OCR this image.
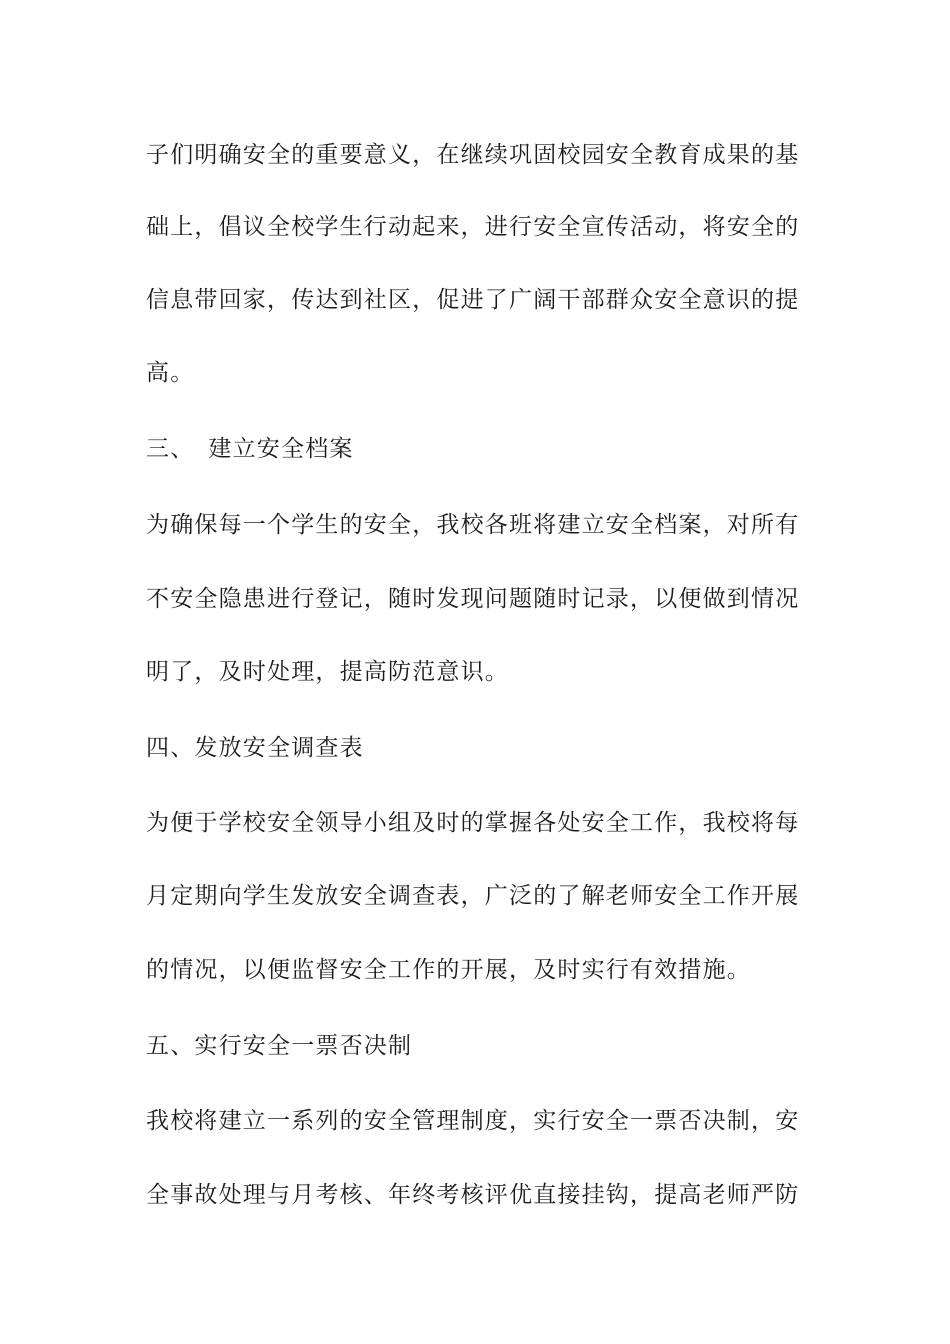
子们明确安全的重要意义，在继续巩固校园安全教育成果的基
础上，倡议全校学生行动起来，进行安全宣传活动，将安全的
信息带回家，传达到社区，促进了广阔干部群众安全意识的提
高。
三、 建立安全档案
为确保每一个学生的安全，我校各班将建立安全档案，对所有
不安全隐患进行登记，随时发现问题随时记录，以便做到情况
明了，及时处理，提高防范意识。
四、发放安全调查表
为便于学校安全领导小组及时的掌握各处安全工作，我校将每
月定期向学生发放安全调查表，广泛的了解老师安全工作开展
的情况，以便监督安全工作的开展，及时实行有效措施。
五、实行安全一票否决制
我校将建立一系列的安全管理制度，实行安全一票否决制，安
全事故处理与月考核、年终考核评优直接挂钩，提高老师严防
